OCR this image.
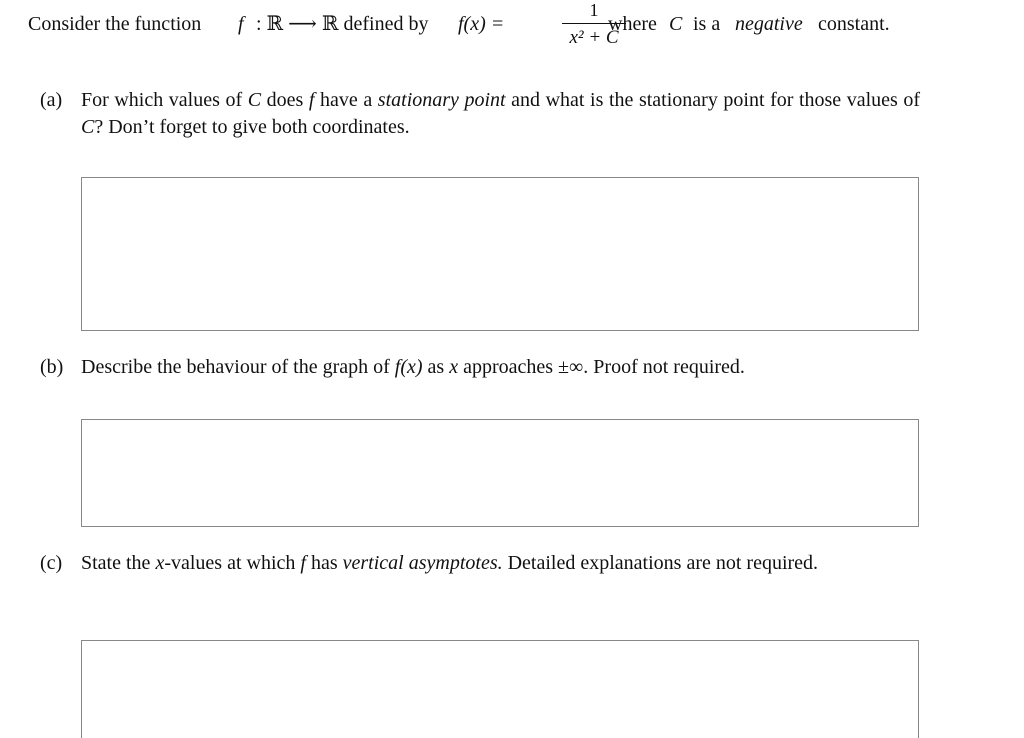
Consider the function f : ℝ ⟶ ℝ defined by f(x) =
1
x² + C
where C is a negative constant.
(a) For which values of C does f have a stationary point and what is the stationary point for those values of C? Don’t forget to give both coordinates.
(b) Describe the behaviour of the graph of f(x) as x approaches ±∞. Proof not required.
(c) State the x-values at which f has vertical asymptotes. Detailed explanations are not required.
